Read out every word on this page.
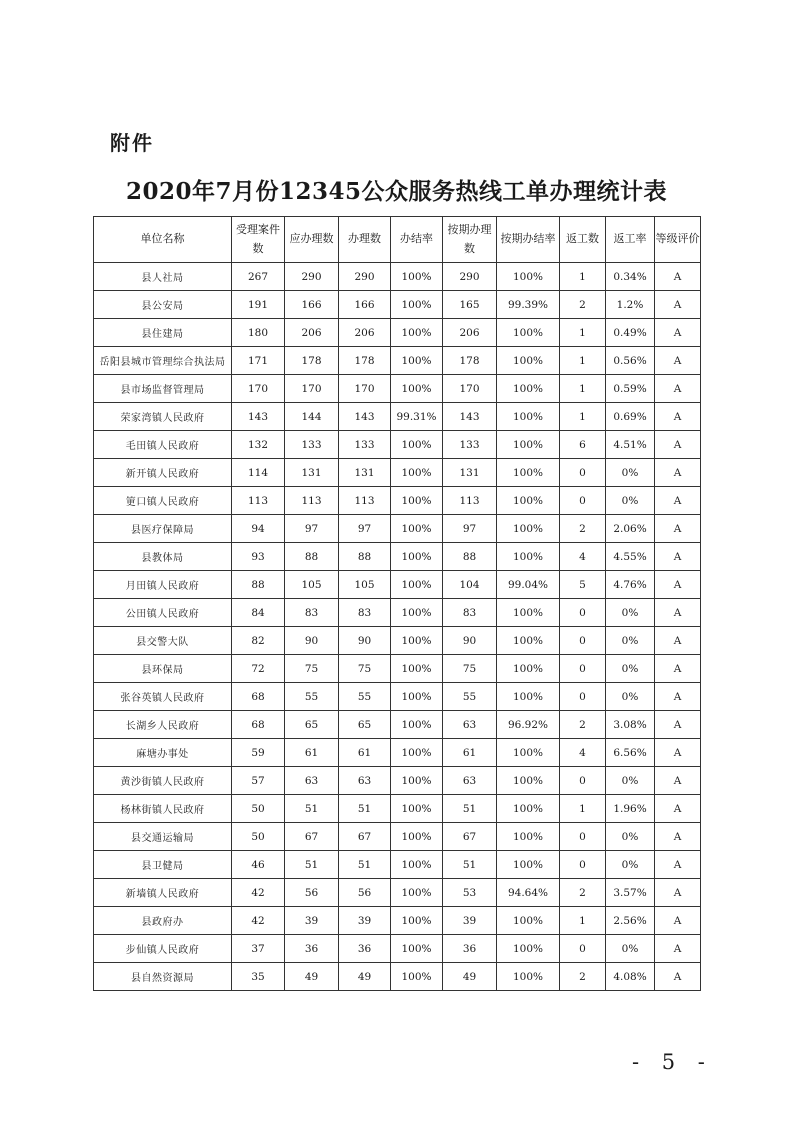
附件
2020年7月份12345公众服务热线工单办理统计表
单位名称	受理案件数	应办理数	办理数	办结率	按期办理数	按期办结率	返工数	返工率	等级评价
县人社局	267	290	290	100%	290	100%	1	0.34%	A
县公安局	191	166	166	100%	165	99.39%	2	1.2%	A
县住建局	180	206	206	100%	206	100%	1	0.49%	A
岳阳县城市管理综合执法局	171	178	178	100%	178	100%	1	0.56%	A
县市场监督管理局	170	170	170	100%	170	100%	1	0.59%	A
荣家湾镇人民政府	143	144	143	99.31%	143	100%	1	0.69%	A
毛田镇人民政府	132	133	133	100%	133	100%	6	4.51%	A
新开镇人民政府	114	131	131	100%	131	100%	0	0%	A
筻口镇人民政府	113	113	113	100%	113	100%	0	0%	A
县医疗保障局	94	97	97	100%	97	100%	2	2.06%	A
县教体局	93	88	88	100%	88	100%	4	4.55%	A
月田镇人民政府	88	105	105	100%	104	99.04%	5	4.76%	A
公田镇人民政府	84	83	83	100%	83	100%	0	0%	A
县交警大队	82	90	90	100%	90	100%	0	0%	A
县环保局	72	75	75	100%	75	100%	0	0%	A
张谷英镇人民政府	68	55	55	100%	55	100%	0	0%	A
长湖乡人民政府	68	65	65	100%	63	96.92%	2	3.08%	A
麻塘办事处	59	61	61	100%	61	100%	4	6.56%	A
黄沙街镇人民政府	57	63	63	100%	63	100%	0	0%	A
杨林街镇人民政府	50	51	51	100%	51	100%	1	1.96%	A
县交通运输局	50	67	67	100%	67	100%	0	0%	A
县卫健局	46	51	51	100%	51	100%	0	0%	A
新墙镇人民政府	42	56	56	100%	53	94.64%	2	3.57%	A
县政府办	42	39	39	100%	39	100%	1	2.56%	A
步仙镇人民政府	37	36	36	100%	36	100%	0	0%	A
县自然资源局	35	49	49	100%	49	100%	2	4.08%	A
- 5 -
